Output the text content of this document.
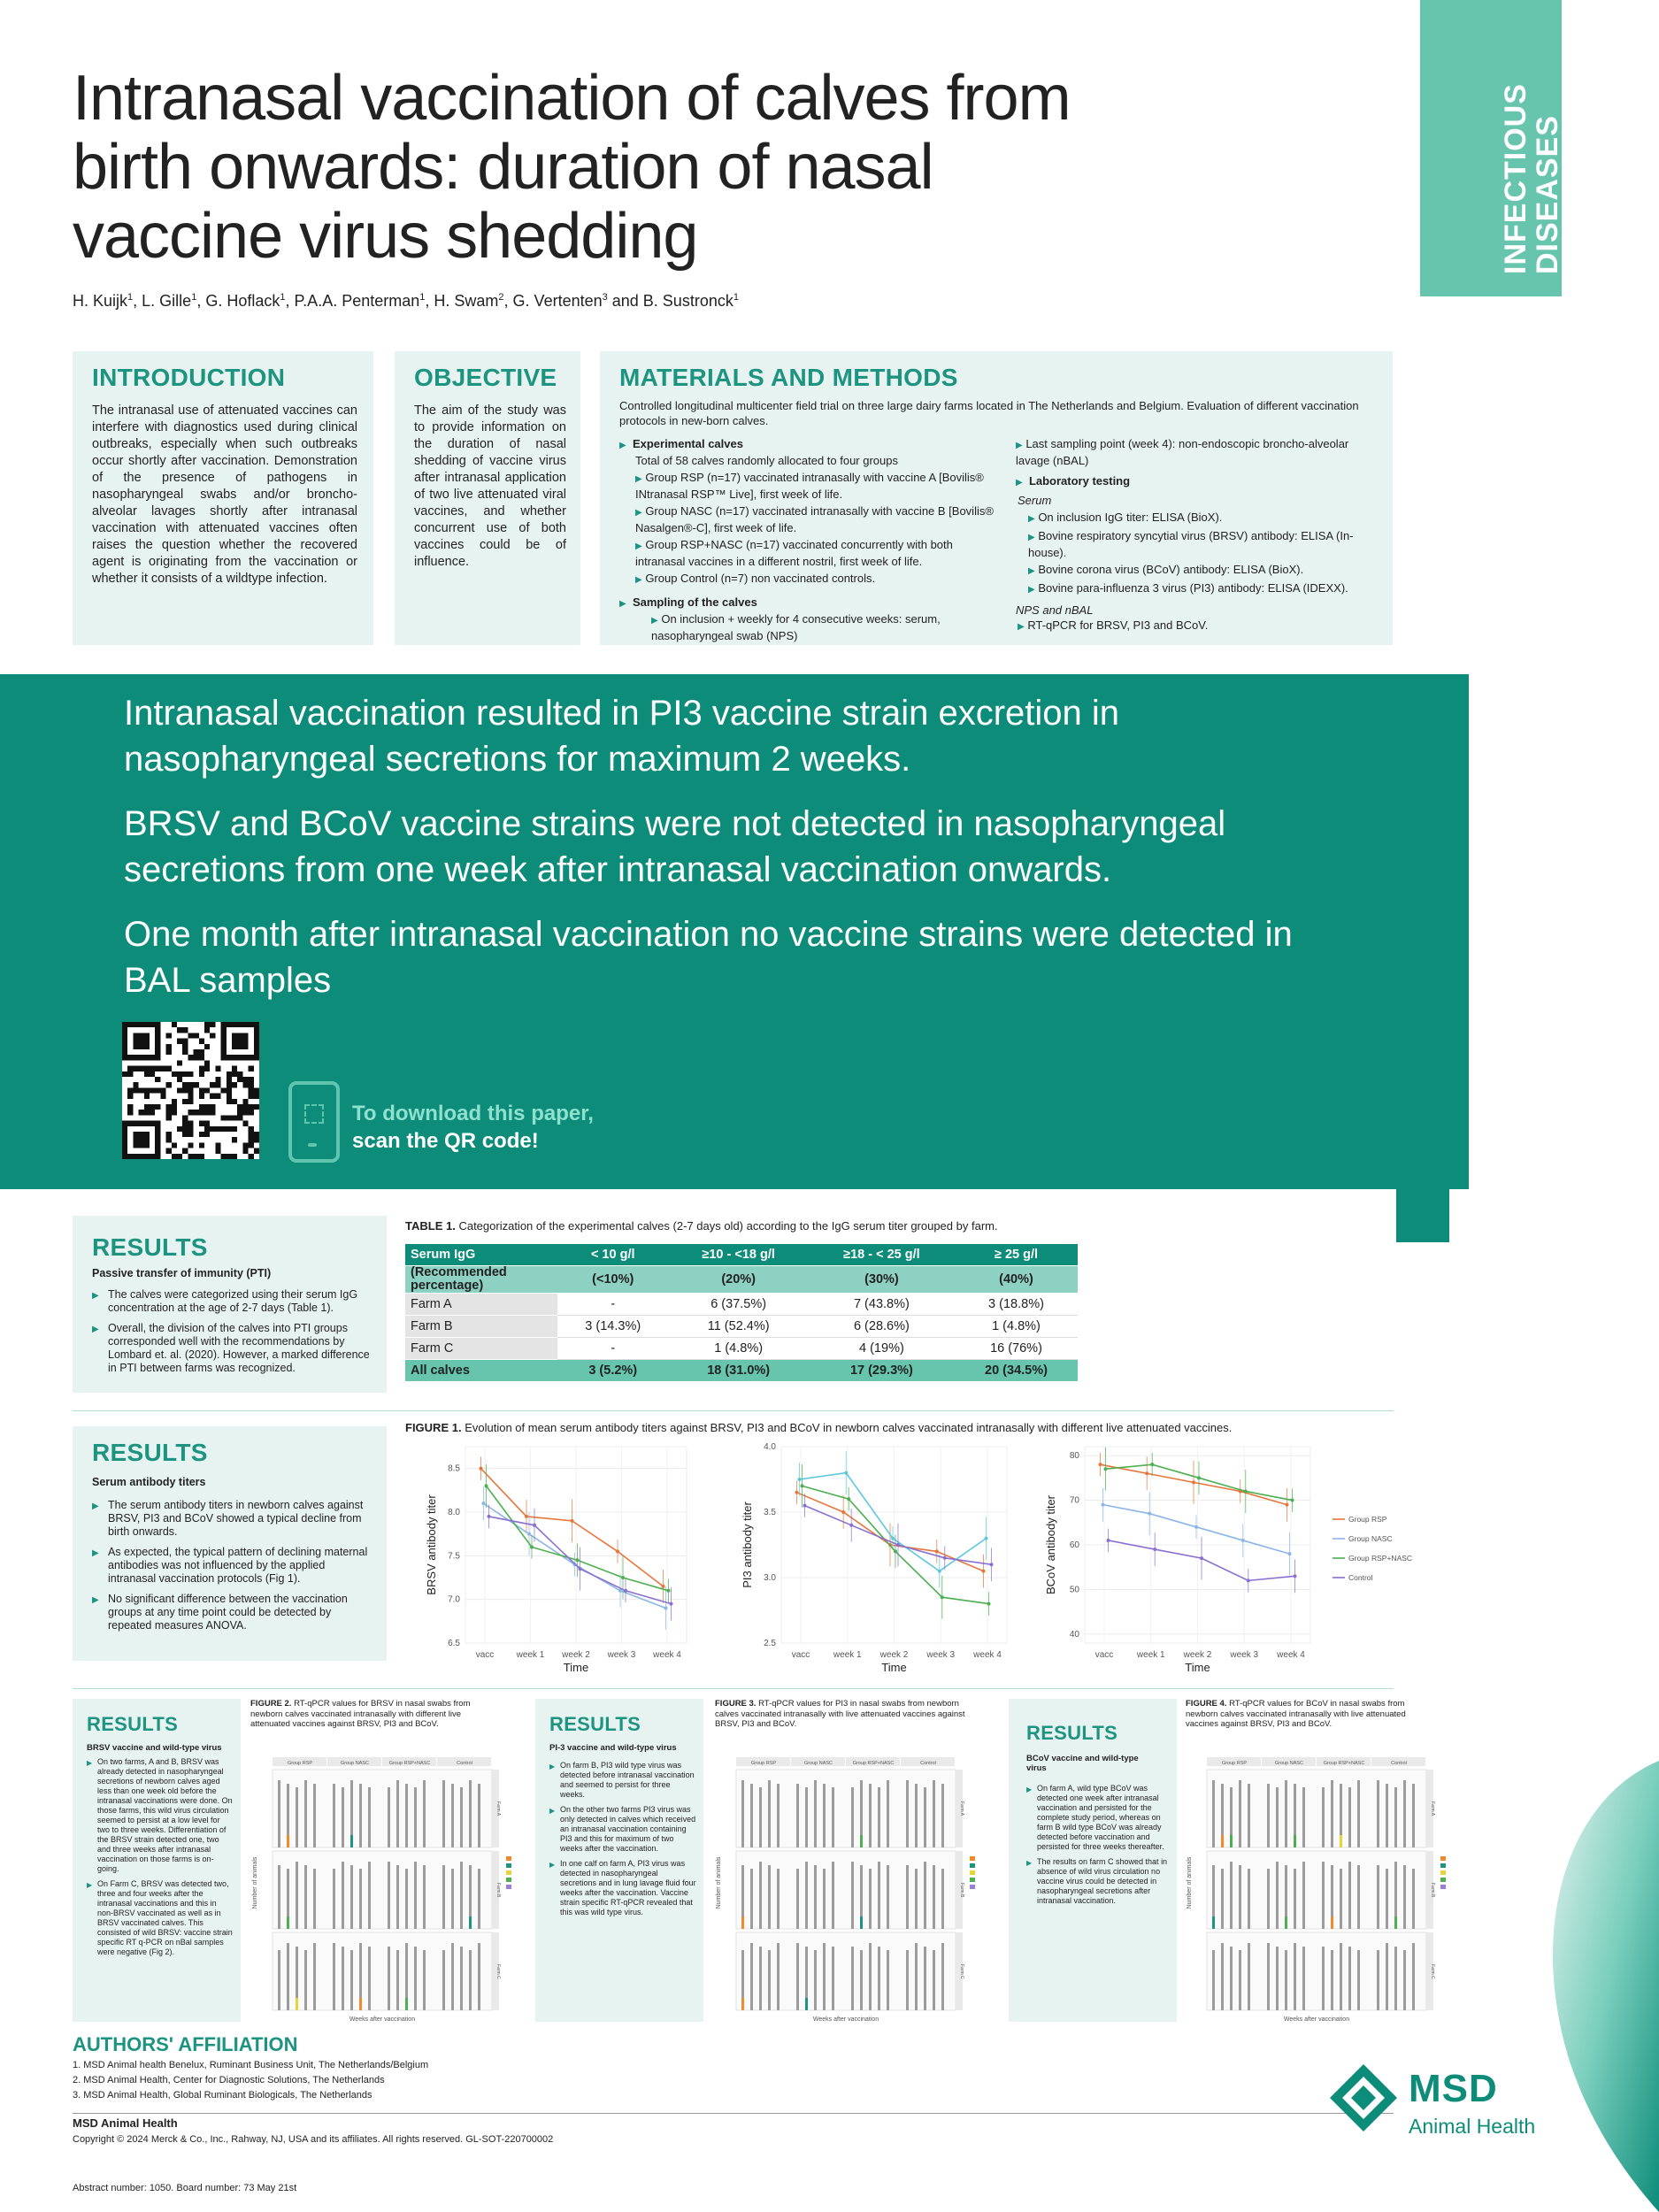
INFECTIOUS
DISEASES
Intranasal vaccination of calves from birth onwards: duration of nasal vaccine virus shedding
H. Kuijk$^1$, L. Gille$^1$, G. Hoflack$^1$, P.A.A. Penterman$^1$, H. Swam$^2$, G. Vertenten$^3$ and B. Sustronck$^1$
INTRODUCTION
The intranasal use of attenuated vaccines can interfere with diagnostics used during clinical outbreaks, especially when such outbreaks occur shortly after vaccination. Demonstration of the presence of pathogens in nasopharyngeal swabs and/or broncho-alveolar lavages shortly after intranasal vaccination with attenuated vaccines often raises the question whether the recovered agent is originating from the vaccination or whether it consists of a wildtype infection.
OBJECTIVE
The aim of the study was to provide information on the duration of nasal shedding of vaccine virus after intranasal application of two live attenuated viral vaccines, and whether concurrent use of both vaccines could be of influence.
MATERIALS AND METHODS
Controlled longitudinal multicenter field trial on three large dairy farms located in The Netherlands and Belgium. Evaluation of different vaccination protocols in new-born calves.
▶ Experimental calves
Total of 58 calves randomly allocated to four groups
▶ Group RSP (n=17) vaccinated intranasally with vaccine A [Bovilis® INtranasal RSP™ Live], first week of life.
▶ Group NASC (n=17) vaccinated intranasally with vaccine B [Bovilis® Nasalgen®-C], first week of life.
▶ Group RSP+NASC (n=17) vaccinated concurrently with both intranasal vaccines in a different nostril, first week of life.
▶ Group Control (n=7) non vaccinated controls.
▶ Sampling of the calves
▶ On inclusion + weekly for 4 consecutive weeks: serum, nasopharyngeal swab (NPS)
▶ Last sampling point (week 4): non-endoscopic broncho-alveolar lavage (nBAL)
▶ Laboratory testing
Serum
▶ On inclusion IgG titer: ELISA (BioX).
▶ Bovine respiratory syncytial virus (BRSV) antibody: ELISA (In-house).
▶ Bovine corona virus (BCoV) antibody: ELISA (BioX).
▶ Bovine para-influenza 3 virus (PI3) antibody: ELISA (IDEXX).
NPS and nBAL
▶ RT-qPCR for BRSV, PI3 and BCoV.

Intranasal vaccination resulted in PI3 vaccine strain excretion in nasopharyngeal secretions for maximum 2 weeks.

BRSV and BCoV vaccine strains were not detected in nasopharyngeal secretions from one week after intranasal vaccination onwards.

One month after intranasal vaccination no vaccine strains were detected in BAL samples

To download this paper,
scan the QR code!
RESULTS
Passive transfer of immunity (PTI)
▶ The calves were categorized using their serum IgG concentration at the age of 2-7 days (Table 1).
▶ Overall, the division of the calves into PTI groups corresponded well with the recommendations by Lombard et. al. (2020). However, a marked difference in PTI between farms was recognized.
TABLE 1. Categorization of the experimental calves (2-7 days old) according to the IgG serum titer grouped by farm.
Serum IgG	< 10 g/l	≥10 - <18 g/l	≥18 - < 25 g/l	≥ 25 g/l
(Recommended percentage)	(<10%)	(20%)	(30%)	(40%)
Farm A	-	6 (37.5%)	7 (43.8%)	3 (18.8%)
Farm B	3 (14.3%)	11 (52.4%)	6 (28.6%)	1 (4.8%)
Farm C	-	1 (4.8%)	4 (19%)	16 (76%)
All calves	3 (5.2%)	18 (31.0%)	17 (29.3%)	20 (34.5%)
RESULTS
Serum antibody titers
▶ The serum antibody titers in newborn calves against BRSV, PI3 and BCoV showed a typical decline from birth onwards.
▶ As expected, the typical pattern of declining maternal antibodies was not influenced by the applied intranasal vaccination protocols (Fig 1).
▶ No significant difference between the vaccination groups at any time point could be detected by repeated measures ANOVA.
FIGURE 1. Evolution of mean serum antibody titers against BRSV, PI3 and BCoV in newborn calves vaccinated intranasally with different live attenuated vaccines.
6.5
7.0
7.5
8.0
8.5
vacc	week 1 week 2 week 3 week 4
Time
BRSV antibody titer
2.5
3.0
3.5
4.0
vacc	week 1 week 2 week 3 week 4
Time
PI3 antibody titer
40
50
60
70
80
vacc	week 1 week 2 week 3 week 4
Time
BCoV antibody titer	Group RSP
Group NASC
Group RSP+NASC
Control
RESULTS
BRSV vaccine and wild-type virus
▶ On two farms, A and B, BRSV was already detected in nasopharyngeal secretions of newborn calves aged less than one week old before the intranasal vaccinations were done. On those farms, this wild virus circulation seemed to persist at a low level for two to three weeks. Differentiation of the BRSV strain detected one, two and three weeks after intranasal vaccination on those farms is on-going.
▶ On Farm C, BRSV was detected two, three and four weeks after the intranasal vaccinations and this in non-BRSV vaccinated as well as in BRSV vaccinated calves. This consisted of wild BRSV: vaccine strain specific RT q-PCR on nBal samples were negative (Fig 2).
FIGURE 2. RT-qPCR values for BRSV in nasal swabs from newborn calves vaccinated intranasally with different live attenuated vaccines against BRSV, PI3 and BCoV.
Group RSP	Group NASC	Group RSP+NASC	Control
Farm A
Farm B
Farm C
Number of animals
Weeks after vaccination
RESULTS
PI-3 vaccine and wild-type virus
▶ On farm B, PI3 wild type virus was detected before intranasal vaccination and seemed to persist for three weeks.
▶ On the other two farms PI3 virus was only detected in calves which received an intranasal vaccination containing PI3 and this for maximum of two weeks after the vaccination.
▶ In one calf on farm A, PI3 virus was detected in nasopharyngeal secretions and in lung lavage fluid four weeks after the vaccination. Vaccine strain specific RT-qPCR revealed that this was wild type virus.
FIGURE 3. RT-qPCR values for PI3 in nasal swabs from newborn calves vaccinated intranasally with live attenuated vaccines against BRSV, PI3 and BCoV.
Group RSP	Group NASC	Group RSP+NASC	Control
Farm A
Farm B
Farm C
Number of animals
Weeks after vaccination
RESULTS
BCoV vaccine and wild-type virus
▶ On farm A, wild type BCoV was detected one week after intranasal vaccination and persisted for the complete study period, whereas on farm B wild type BCoV was already detected before vaccination and persisted for three weeks thereafter.
▶ The results on farm C showed that in absence of wild virus circulation no vaccine virus could be detected in nasopharyngeal secretions after intranasal vaccination.
FIGURE 4. RT-qPCR values for BCoV in nasal swabs from newborn calves vaccinated intranasally with live attenuated vaccines against BRSV, PI3 and BCoV.
Group RSP	Group NASC	Group RSP+NASC	Control
Farm A
Farm B
Farm C
Number of animals
Weeks after vaccination
AUTHORS' AFFILIATION
1. MSD Animal health Benelux, Ruminant Business Unit, The Netherlands/Belgium
2. MSD Animal Health, Center for Diagnostic Solutions, The Netherlands
3. MSD Animal Health, Global Ruminant Biologicals, The Netherlands
MSD Animal Health
Copyright © 2024 Merck & Co., Inc., Rahway, NJ, USA and its affiliates. All rights reserved. GL-SOT-220700002
Abstract number: 1050. Board number: 73 May 21st
MSD
Animal Health
